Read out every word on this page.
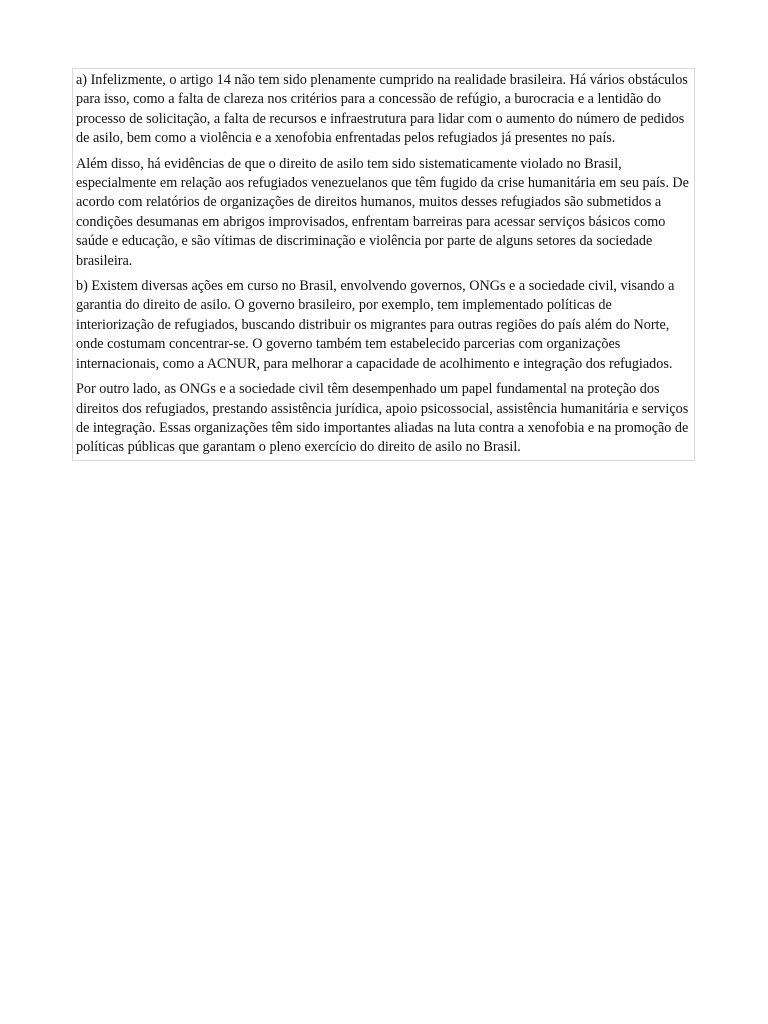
a) Infelizmente, o artigo 14 não tem sido plenamente cumprido na realidade brasileira. Há vários obstáculos para isso, como a falta de clareza nos critérios para a concessão de refúgio, a burocracia e a lentidão do processo de solicitação, a falta de recursos e infraestrutura para lidar com o aumento do número de pedidos de asilo, bem como a violência e a xenofobia enfrentadas pelos refugiados já presentes no país.

Além disso, há evidências de que o direito de asilo tem sido sistematicamente violado no Brasil, especialmente em relação aos refugiados venezuelanos que têm fugido da crise humanitária em seu país. De acordo com relatórios de organizações de direitos humanos, muitos desses refugiados são submetidos a condições desumanas em abrigos improvisados, enfrentam barreiras para acessar serviços básicos como saúde e educação, e são vítimas de discriminação e violência por parte de alguns setores da sociedade brasileira.

b) Existem diversas ações em curso no Brasil, envolvendo governos, ONGs e a sociedade civil, visando a garantia do direito de asilo. O governo brasileiro, por exemplo, tem implementado políticas de interiorização de refugiados, buscando distribuir os migrantes para outras regiões do país além do Norte, onde costumam concentrar-se. O governo também tem estabelecido parcerias com organizações internacionais, como a ACNUR, para melhorar a capacidade de acolhimento e integração dos refugiados.

Por outro lado, as ONGs e a sociedade civil têm desempenhado um papel fundamental na proteção dos direitos dos refugiados, prestando assistência jurídica, apoio psicossocial, assistência humanitária e serviços de integração. Essas organizações têm sido importantes aliadas na luta contra a xenofobia e na promoção de políticas públicas que garantam o pleno exercício do direito de asilo no Brasil.
